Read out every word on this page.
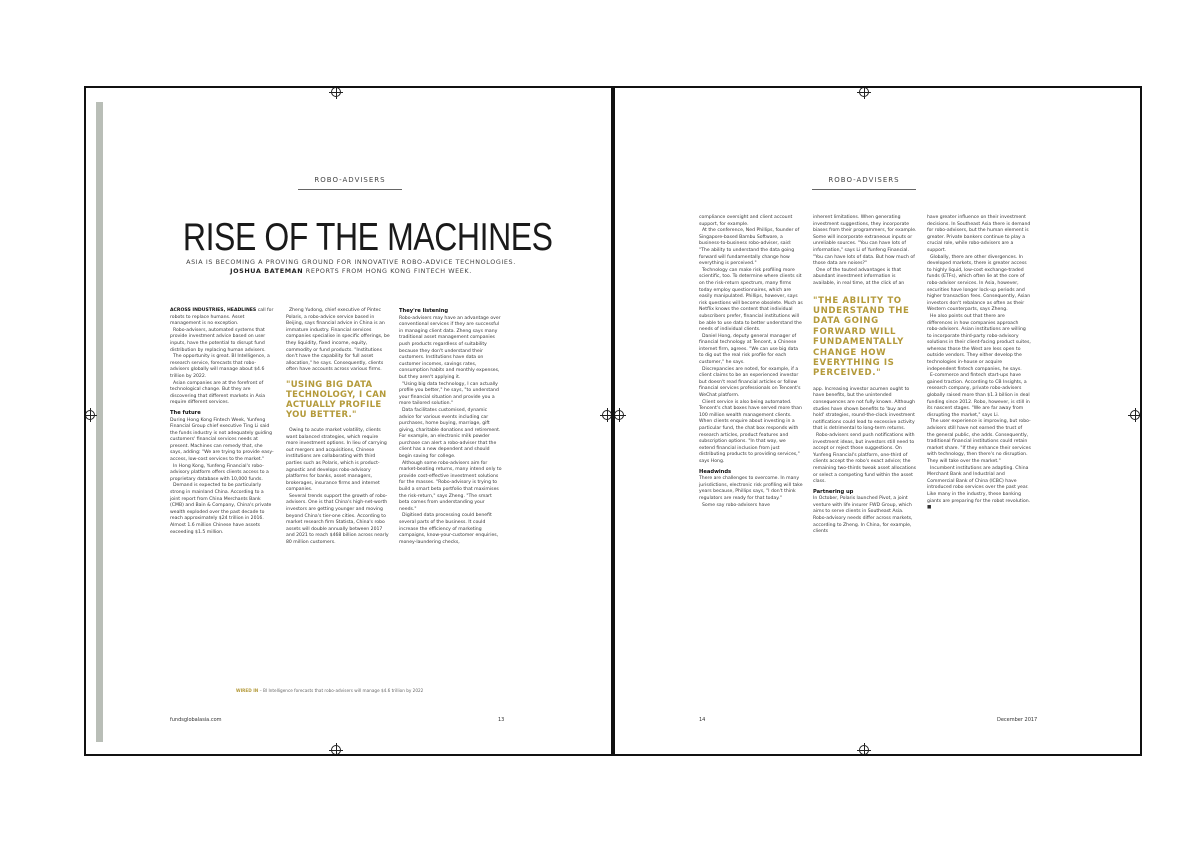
ROBO-ADVISERS
RISE OF THE MACHINES
ASIA IS BECOMING A PROVING GROUND FOR INNOVATIVE ROBO-ADVICE TECHNOLOGIES. JOSHUA BATEMAN REPORTS FROM HONG KONG FINTECH WEEK.

ACROSS INDUSTRIES, HEADLINES call for robots to replace humans. Asset management is no exception.

Robo-advisers, automated systems that provide investment advice based on user inputs, have the potential to disrupt fund distribution by replacing human advisers.

The opportunity is great. BI Intelligence, a research service, forecasts that robo-advisers globally will manage about $4.6 trillion by 2022.

Asian companies are at the forefront of technological change. But they are discovering that different markets in Asia require different services.

The future

During Hong Kong Fintech Week, Yunfeng Financial Group chief executive Ting Li said the funds industry is not adequately guiding customers' financial services needs at present. Machines can remedy that, she says, adding: "We are trying to provide easy-access, low-cost services to the market."

In Hong Kong, Yunfeng Financial's robo-advisory platform offers clients access to a proprietary database with 10,000 funds.

Demand is expected to be particularly strong in mainland China. According to a joint report from China Merchants Bank (CMB) and Bain & Company, China's private wealth exploded over the past decade to reach approximately $24 trillion in 2016. Almost 1.6 million Chinese have assets exceeding $1.5 million.

Zheng Yudong, chief executive of Pintec Polaris, a robo-advice service based in Beijing, says financial advice in China is an immature industry. Financial services companies specialise in specific offerings, be they liquidity, fixed income, equity, commodity or fund products. "Institutions don't have the capability for full asset allocation," he says. Consequently, clients often have accounts across various firms.

"USING BIG DATA TECHNOLOGY, I CAN ACTUALLY PROFILE YOU BETTER."

Owing to acute market volatility, clients want balanced strategies, which require more investment options. In lieu of carrying out mergers and acquisitions, Chinese institutions are collaborating with third parties such as Polaris, which is product-agnostic and develops robo-advisory platforms for banks, asset managers, brokerages, insurance firms and internet companies.

Several trends support the growth of robo-advisers. One is that China's high-net-worth investors are getting younger and moving beyond China's tier-one cities. According to market research firm Statista, China's robo assets will double annually between 2017 and 2021 to reach $468 billion across nearly 80 million customers.

They're listening

Robo-advisers may have an advantage over conventional services if they are successful in managing client data. Zheng says many traditional asset management companies push products regardless of suitability because they don't understand their customers. Institutions have data on customer incomes, savings rates, consumption habits and monthly expenses, but they aren't applying it.

"Using big data technology, I can actually profile you better," he says, "to understand your financial situation and provide you a more tailored solution."

Data facilitates customised, dynamic advice for various events including car purchases, home buying, marriage, gift giving, charitable donations and retirement. For example, an electronic milk powder purchase can alert a robo-adviser that the client has a new dependent and should begin saving for college.

Although some robo-advisers aim for market-beating returns, many intend only to provide cost-effective investment solutions for the masses. "Robo-advisory is trying to build a smart beta portfolio that maximises the risk-return," says Zheng. "The smart beta comes from understanding your needs."

Digitised data processing could benefit several parts of the business. It could increase the efficiency of marketing campaigns, know-your-customer enquiries, money-laundering checks,

WIRED IN – BI Intelligence forecasts that robo-advisers will manage $4.6 trillion by 2022
fundsglobalasia.com	13
ROBO-ADVISERS

compliance oversight and client account support, for example.

At the conference, Ned Phillips, founder of Singapore-based Bambu Software, a business-to-business robo-adviser, said: "The ability to understand the data going forward will fundamentally change how everything is perceived."

Technology can make risk profiling more scientific, too. To determine where clients sit on the risk-return spectrum, many firms today employ questionnaires, which are easily manipulated. Phillips, however, says risk questions will become obsolete. Much as Netflix knows the content that individual subscribers prefer, financial institutions will be able to use data to better understand the needs of individual clients.

Daniel Hong, deputy general manager of financial technology at Tencent, a Chinese internet firm, agrees. "We can use big data to dig out the real risk profile for each customer," he says.

Discrepancies are noted, for example, if a client claims to be an experienced investor but doesn't read financial articles or follow financial services professionals on Tencent's WeChat platform.

Client service is also being automated. Tencent's chat boxes have served more than 100 million wealth management clients. When clients enquire about investing in a particular fund, the chat box responds with research articles, product features and subscription options. "In that way, we extend financial inclusion from just distributing products to providing services," says Hong.

Headwinds

There are challenges to overcome. In many jurisdictions, electronic risk profiling will take years because, Phillips says, "I don't think regulators are ready for that today."

Some say robo-advisers have

inherent limitations. When generating investment suggestions, they incorporate biases from their programmers, for example. Some will incorporate extraneous inputs or unreliable sources. "You can have lots of information," says Li of Yunfeng Financial. "You can have lots of data. But how much of those data are noises?"

One of the touted advantages is that abundant investment information is available, in real time, at the click of an

"THE ABILITY TO UNDERSTAND THE DATA GOING FORWARD WILL FUNDAMENTALLY CHANGE HOW EVERYTHING IS PERCEIVED."

app. Increasing investor acumen ought to have benefits, but the unintended consequences are not fully known. Although studies have shown benefits to 'buy and hold' strategies, round-the-clock investment notifications could lead to excessive activity that is detrimental to long-term returns.

Robo-advisers send push notifications with investment ideas, but investors still need to accept or reject those suggestions. On Yunfeng Financial's platform, one-third of clients accept the robo's exact advice; the remaining two-thirds tweak asset allocations or select a competing fund within the asset class.

Partnering up

In October, Polaris launched Pivot, a joint venture with life insurer FWD Group, which aims to serve clients in Southeast Asia. Robo-advisory needs differ across markets, according to Zheng. In China, for example, clients

have greater influence on their investment decisions. In Southeast Asia there is demand for robo-advisers, but the human element is greater. Private bankers continue to play a crucial role, while robo-advisers are a support.

Globally, there are other divergences. In developed markets, there is greater access to highly liquid, low-cost exchange-traded funds (ETFs), which often lie at the core of robo-adviser services. In Asia, however, securities have longer lock-up periods and higher transaction fees. Consequently, Asian investors don't rebalance as often as their Western counterparts, says Zheng.

He also points out that there are differences in how companies approach robo-advisers. Asian institutions are willing to incorporate third-party robo-advisory solutions in their client-facing product suites, whereas those the West are less open to outside vendors. They either develop the technologies in-house or acquire independent fintech companies, he says.

E-commerce and fintech start-ups have gained traction. According to CB Insights, a research company, private robo-advisers globally raised more than $1.3 billion in deal funding since 2012. Robo, however, is still in its nascent stages. "We are far away from disrupting the market," says Li.

The user experience is improving, but robo-advisers still have not earned the trust of the general public, she adds. Consequently, traditional financial institutions could retain market share. "If they enhance their services with technology, then there's no disruption. They will take over the market."

Incumbent institutions are adapting. China Merchant Bank and Industrial and Commercial Bank of China (ICBC) have introduced robo services over the past year. Like many in the industry, these banking giants are preparing for the robot revolution. ■

14	December 2017
